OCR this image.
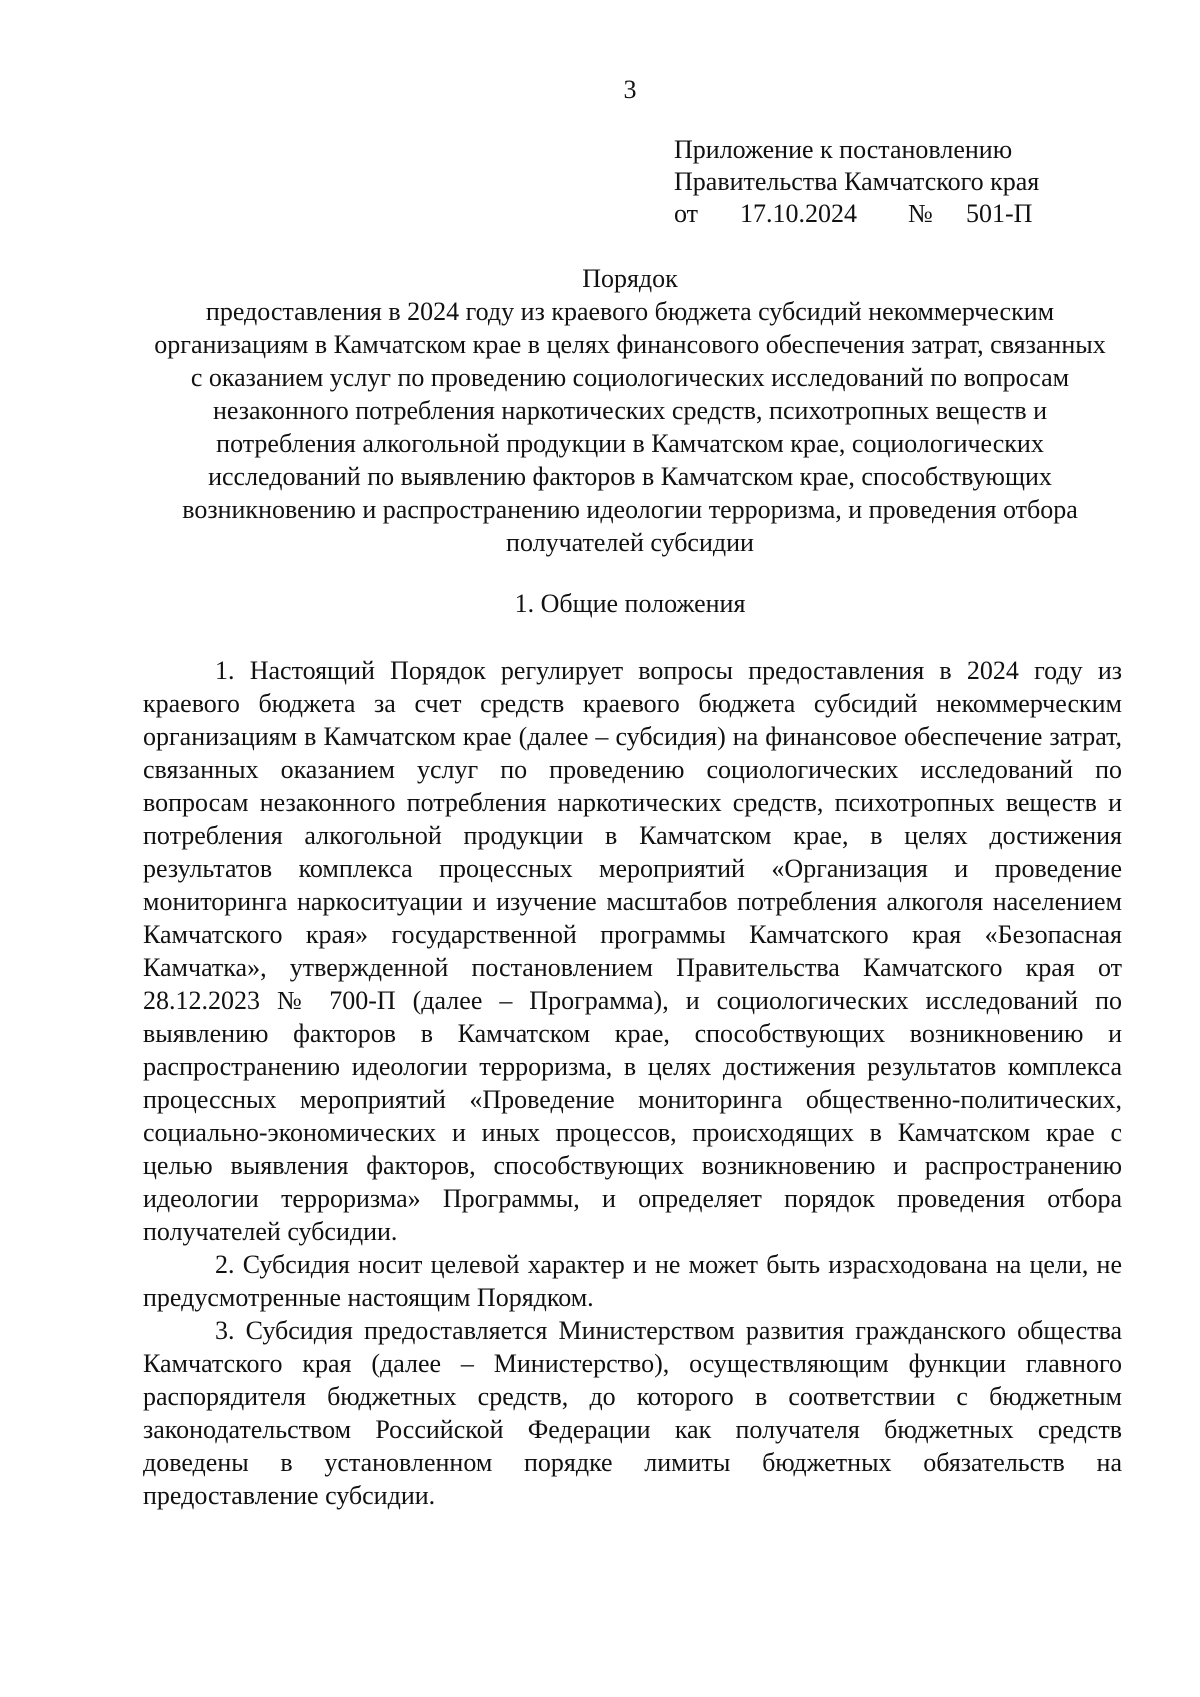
3
Приложение к постановлению
Правительства Камчатского края
от 17.10.2024 № 501-П
Порядок
предоставления в 2024 году из краевого бюджета субсидий некоммерческим организациям в Камчатском крае в целях финансового обеспечения затрат, связанных с оказанием услуг по проведению социологических исследований по вопросам незаконного потребления наркотических средств, психотропных веществ и потребления алкогольной продукции в Камчатском крае, социологических исследований по выявлению факторов в Камчатском крае, способствующих возникновению и распространению идеологии терроризма, и проведения отбора получателей субсидии
1. Общие положения

1. Настоящий Порядок регулирует вопросы предоставления в 2024 году из краевого бюджета за счет средств краевого бюджета субсидий некоммерческим организациям в Камчатском крае (далее – субсидия) на финансовое обеспечение затрат, связанных оказанием услуг по проведению социологических исследований по вопросам незаконного потребления наркотических средств, психотропных веществ и потребления алкогольной продукции в Камчатском крае, в целях достижения результатов комплекса процессных мероприятий «Организация и проведение мониторинга наркоситуации и изучение масштабов потребления алкоголя населением Камчатского края» государственной программы Камчатского края «Безопасная Камчатка», утвержденной постановлением Правительства Камчатского края от 28.12.2023 № 700-П (далее – Программа), и социологических исследований по выявлению факторов в Камчатском крае, способствующих возникновению и распространению идеологии терроризма, в целях достижения результатов комплекса процессных мероприятий «Проведение мониторинга общественно-политических, социально-экономических и иных процессов, происходящих в Камчатском крае с целью выявления факторов, способствующих возникновению и распространению идеологии терроризма» Программы, и определяет порядок проведения отбора получателей субсидии.

2. Субсидия носит целевой характер и не может быть израсходована на цели, не предусмотренные настоящим Порядком.

3. Субсидия предоставляется Министерством развития гражданского общества Камчатского края (далее – Министерство), осуществляющим функции главного распорядителя бюджетных средств, до которого в соответствии с бюджетным законодательством Российской Федерации как получателя бюджетных средств доведены в установленном порядке лимиты бюджетных обязательств на предоставление субсидии.
